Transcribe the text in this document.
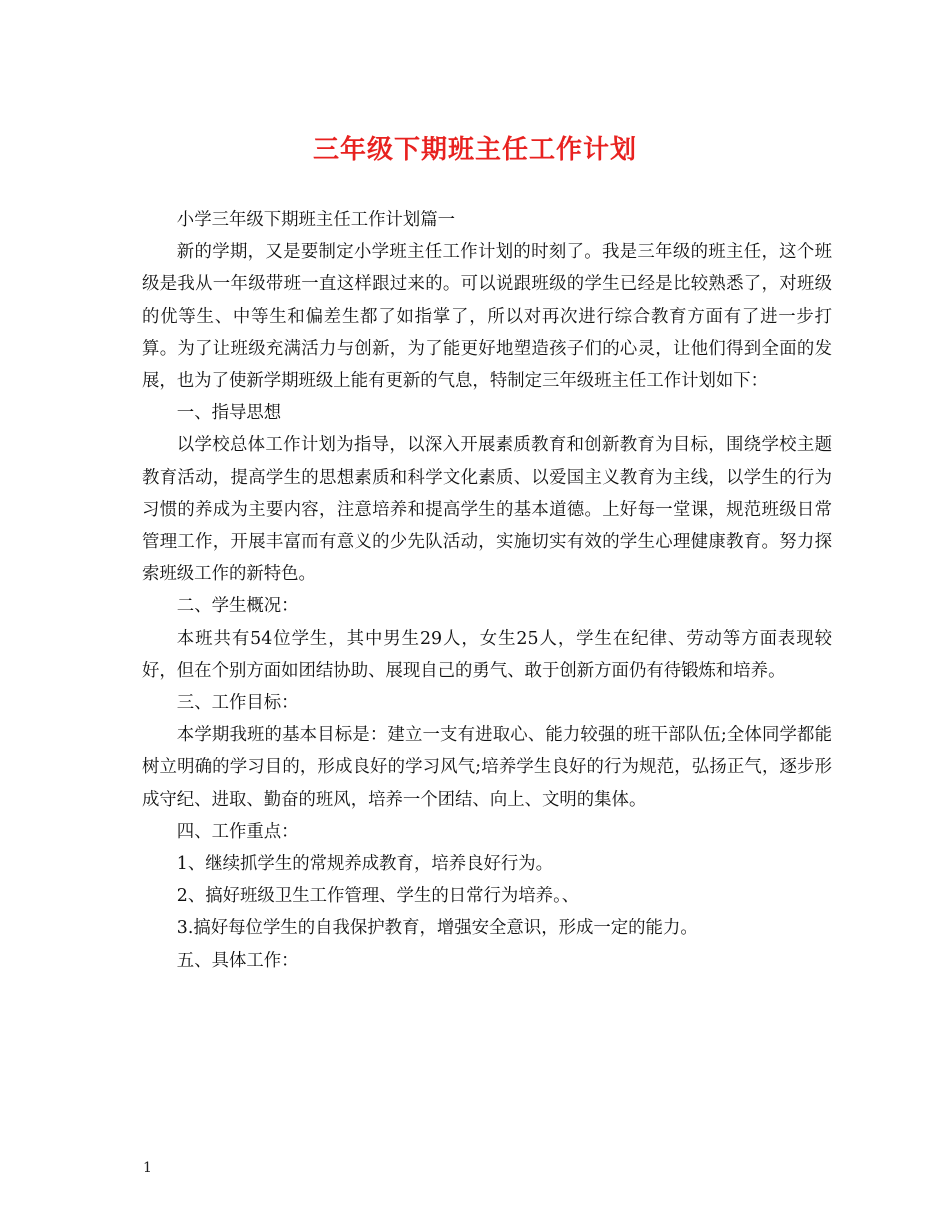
三年级下期班主任工作计划

小学三年级下期班主任工作计划篇一

新的学期，又是要制定小学班主任工作计划的时刻了。我是三年级的班主任，这个班级是我从一年级带班一直这样跟过来的。可以说跟班级的学生已经是比较熟悉了，对班级的优等生、中等生和偏差生都了如指掌了，所以对再次进行综合教育方面有了进一步打算。为了让班级充满活力与创新，为了能更好地塑造孩子们的心灵，让他们得到全面的发展，也为了使新学期班级上能有更新的气息，特制定三年级班主任工作计划如下：

一、指导思想

以学校总体工作计划为指导，以深入开展素质教育和创新教育为目标，围绕学校主题教育活动，提高学生的思想素质和科学文化素质、以爱国主义教育为主线，以学生的行为习惯的养成为主要内容，注意培养和提高学生的基本道德。上好每一堂课，规范班级日常管理工作，开展丰富而有意义的少先队活动，实施切实有效的学生心理健康教育。努力探索班级工作的新特色。

二、学生概况：

本班共有54位学生，其中男生29人，女生25人，学生在纪律、劳动等方面表现较好，但在个别方面如团结协助、展现自己的勇气、敢于创新方面仍有待锻炼和培养。

三、工作目标：

本学期我班的基本目标是：建立一支有进取心、能力较强的班干部队伍;全体同学都能树立明确的学习目的，形成良好的学习风气;培养学生良好的行为规范，弘扬正气，逐步形成守纪、进取、勤奋的班风，培养一个团结、向上、文明的集体。

四、工作重点：

1、继续抓学生的常规养成教育，培养良好行为。

2、搞好班级卫生工作管理、学生的日常行为培养。、

3.搞好每位学生的自我保护教育，增强安全意识，形成一定的能力。

五、具体工作：

1
